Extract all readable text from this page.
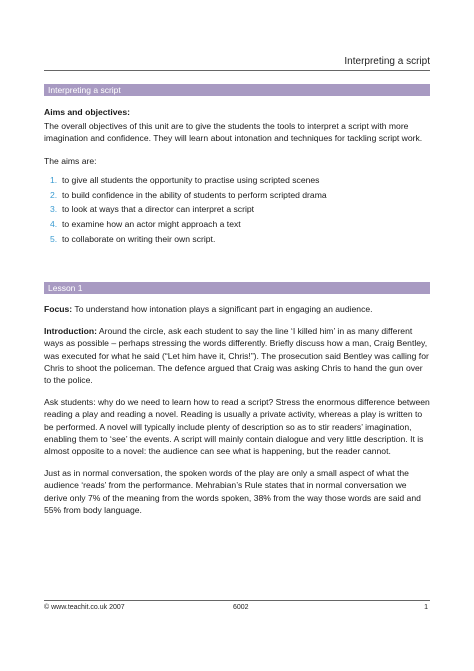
Interpreting a script
Interpreting a script
Aims and objectives:

The overall objectives of this unit are to give the students the tools to interpret a script with more imagination and confidence. They will learn about intonation and techniques for tackling script work.

The aims are:

1. to give all students the opportunity to practise using scripted scenes
2. to build confidence in the ability of students to perform scripted drama
3. to look at ways that a director can interpret a script
4. to examine how an actor might approach a text
5. to collaborate on writing their own script.
Lesson 1

Focus: To understand how intonation plays a significant part in engaging an audience.

Introduction: Around the circle, ask each student to say the line ‘I killed him’ in as many different ways as possible – perhaps stressing the words differently. Briefly discuss how a man, Craig Bentley, was executed for what he said (“Let him have it, Chris!”). The prosecution said Bentley was calling for Chris to shoot the policeman. The defence argued that Craig was asking Chris to hand the gun over to the police.

Ask students: why do we need to learn how to read a script? Stress the enormous difference between reading a play and reading a novel. Reading is usually a private activity, whereas a play is written to be performed. A novel will typically include plenty of description so as to stir readers’ imagination, enabling them to ‘see’ the events. A script will mainly contain dialogue and very little description. It is almost opposite to a novel: the audience can see what is happening, but the reader cannot.

Just as in normal conversation, the spoken words of the play are only a small aspect of what the audience ‘reads’ from the performance. Mehrabian’s Rule states that in normal conversation we derive only 7% of the meaning from the words spoken, 38% from the way those words are said and 55% from body language.

© www.teachit.co.uk 2007	6002	1
